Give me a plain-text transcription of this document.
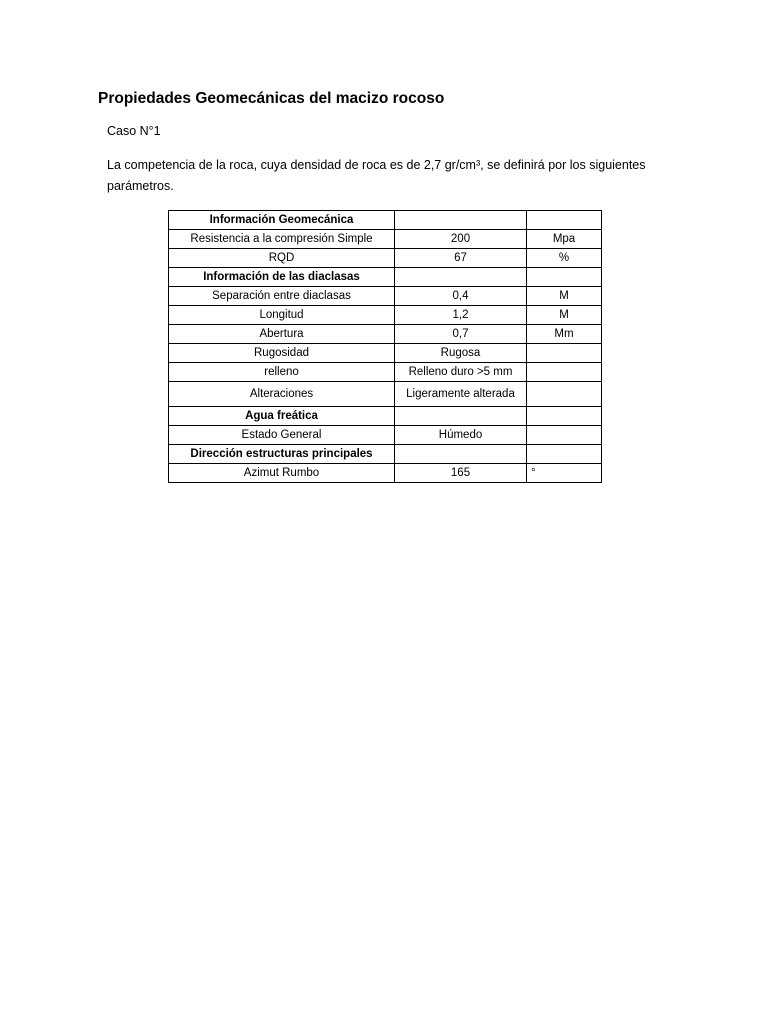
Propiedades Geomecánicas del macizo rocoso
Caso N°1
La competencia de la roca, cuya densidad de roca es de 2,7 gr/cm³, se definirá por los siguientes parámetros.
Información Geomecánica		
Resistencia a la compresión Simple	200	Mpa
RQD	67	%
Información de las diaclasas		
Separación entre diaclasas	0,4	M
Longitud	1,2	M
Abertura	0,7	Mm
Rugosidad	Rugosa	
relleno	Relleno duro >5 mm	
Alteraciones	Ligeramente alterada	
Agua freática		
Estado General	Húmedo	
Dirección estructuras principales		
Azimut Rumbo	165	°
